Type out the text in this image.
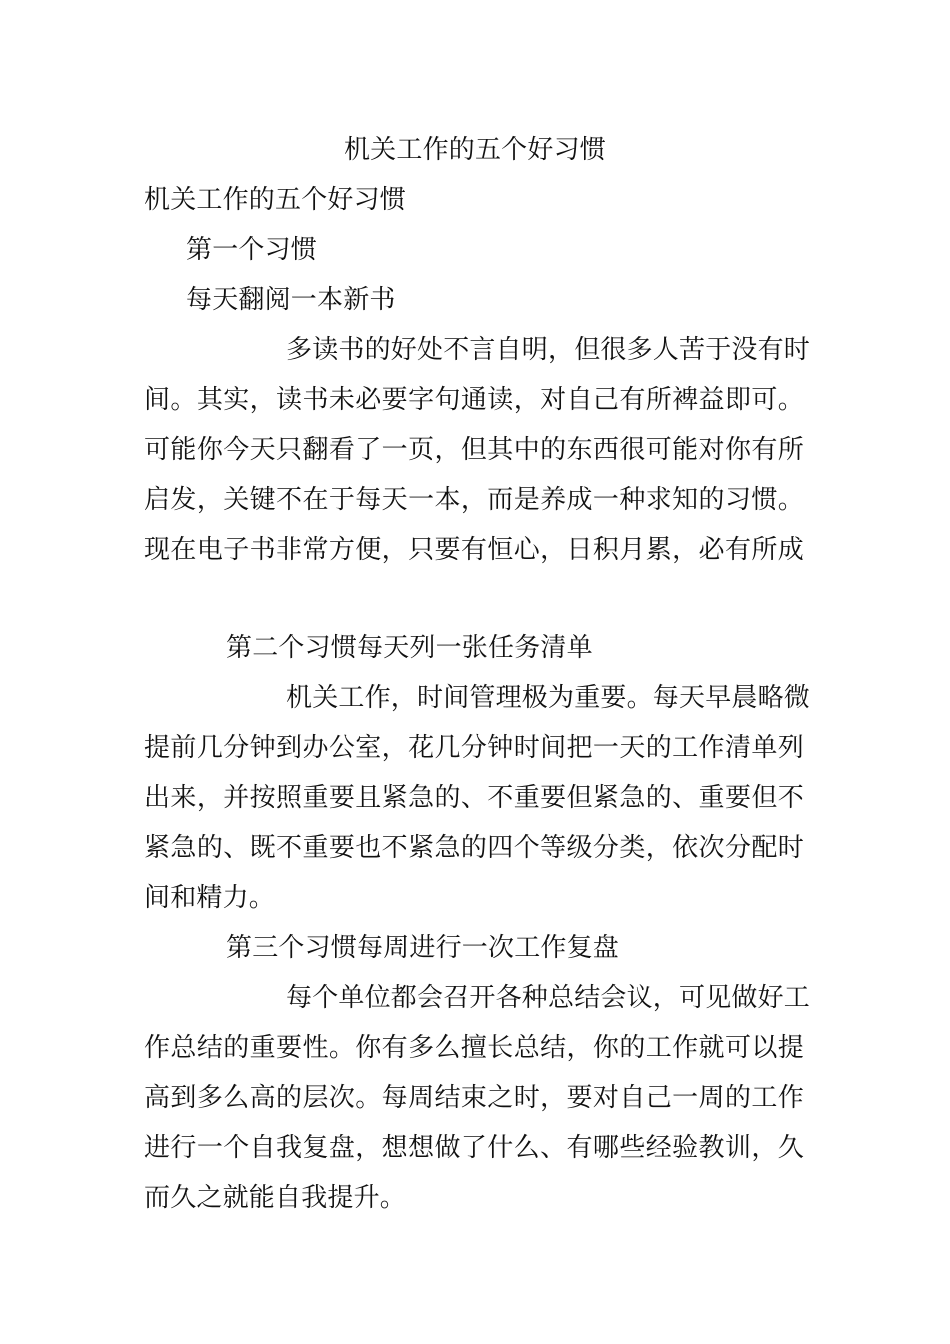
机关工作的五个好习惯
机关工作的五个好习惯
第一个习惯
每天翻阅一本新书
多读书的好处不言自明，但很多人苦于没有时
间。其实，读书未必要字句通读，对自己有所裨益即可。
可能你今天只翻看了一页，但其中的东西很可能对你有所
启发，关键不在于每天一本，而是养成一种求知的习惯。
现在电子书非常方便，只要有恒心，日积月累，必有所成
第二个习惯每天列一张任务清单
机关工作，时间管理极为重要。每天早晨略微
提前几分钟到办公室，花几分钟时间把一天的工作清单列
出来，并按照重要且紧急的、不重要但紧急的、重要但不
紧急的、既不重要也不紧急的四个等级分类，依次分配时
间和精力。
第三个习惯每周进行一次工作复盘
每个单位都会召开各种总结会议，可见做好工
作总结的重要性。你有多么擅长总结，你的工作就可以提
高到多么高的层次。每周结束之时，要对自己一周的工作
进行一个自我复盘，想想做了什么、有哪些经验教训，久
而久之就能自我提升。
